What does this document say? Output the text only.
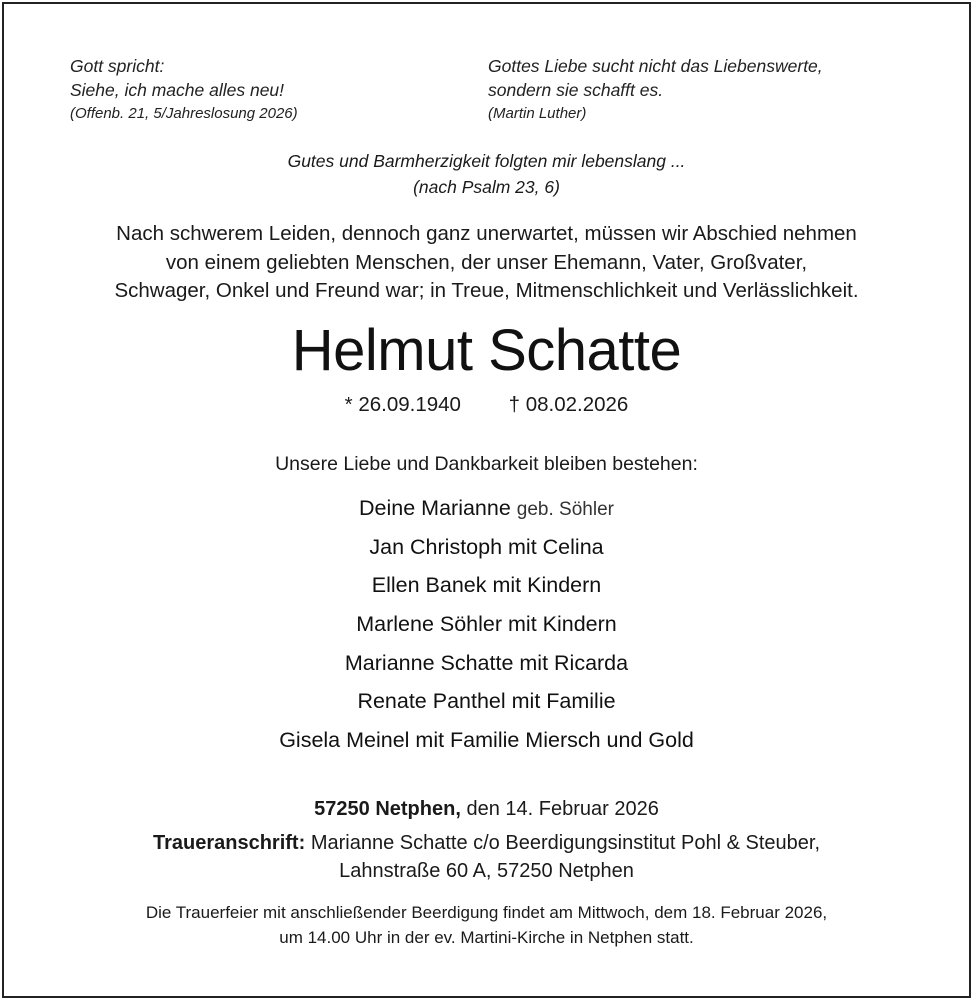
Gott spricht:
Siehe, ich mache alles neu!
(Offenb. 21, 5/Jahreslosung 2026)
Gottes Liebe sucht nicht das Liebenswerte,
sondern sie schafft es.
(Martin Luther)
Gutes und Barmherzigkeit folgten mir lebenslang ...
(nach Psalm 23, 6)
Nach schwerem Leiden, dennoch ganz unerwartet, müssen wir Abschied nehmen
von einem geliebten Menschen, der unser Ehemann, Vater, Großvater,
Schwager, Onkel und Freund war; in Treue, Mitmenschlichkeit und Verlässlichkeit.
Helmut Schatte
* 26.09.1940 † 08.02.2026
Unsere Liebe und Dankbarkeit bleiben bestehen:
Deine Marianne geb. Söhler
Jan Christoph mit Celina
Ellen Banek mit Kindern
Marlene Söhler mit Kindern
Marianne Schatte mit Ricarda
Renate Panthel mit Familie
Gisela Meinel mit Familie Miersch und Gold
57250 Netphen, den 14. Februar 2026
Traueranschrift: Marianne Schatte c/o Beerdigungsinstitut Pohl & Steuber,
Lahnstraße 60 A, 57250 Netphen
Die Trauerfeier mit anschließender Beerdigung findet am Mittwoch, dem 18. Februar 2026,
um 14.00 Uhr in der ev. Martini-Kirche in Netphen statt.
